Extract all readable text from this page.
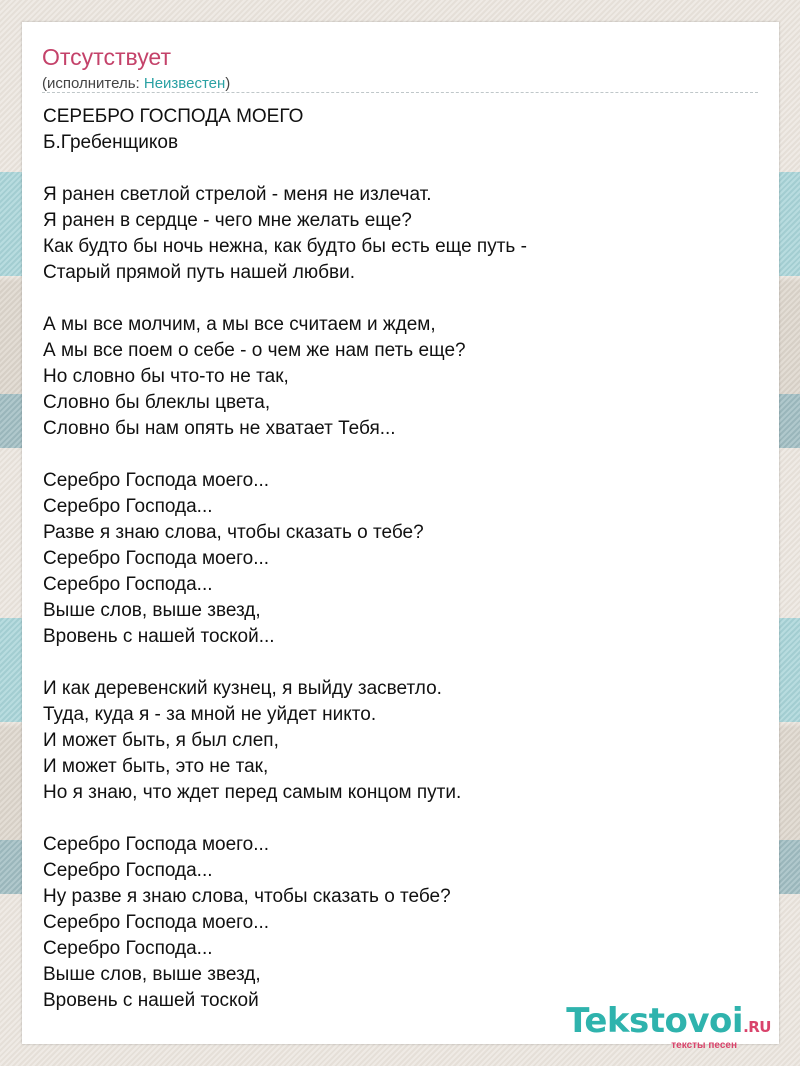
Отсутствует
(исполнитель: Неизвестен)
СЕРЕБРО ГОСПОДА МОЕГО
Б.Гребенщиков
Я ранен светлой стрелой - меня не излечат.
Я ранен в сердце - чего мне желать еще?
Как будто бы ночь нежна, как будто бы есть еще путь -
Старый прямой путь нашей любви.
А мы все молчим, а мы все считаем и ждем,
А мы все поем о себе - о чем же нам петь еще?
Но словно бы что-то не так,
Словно бы блеклы цвета,
Словно бы нам опять не хватает Тебя...
Серебро Господа моего...
Серебро Господа...
Разве я знаю слова, чтобы сказать о тебе?
Серебро Господа моего...
Серебро Господа...
Выше слов, выше звезд,
Вровень с нашей тоской...
И как деревенский кузнец, я выйду засветло.
Туда, куда я - за мной не уйдет никто.
И может быть, я был слеп,
И может быть, это не так,
Но я знаю, что ждет перед самым концом пути.
Серебро Господа моего...
Серебро Господа...
Ну разве я знаю слова, чтобы сказать о тебе?
Серебро Господа моего...
Серебро Господа...
Выше слов, выше звезд,
Вровень с нашей тоской
Tekstovoi.RU
тексты песен
